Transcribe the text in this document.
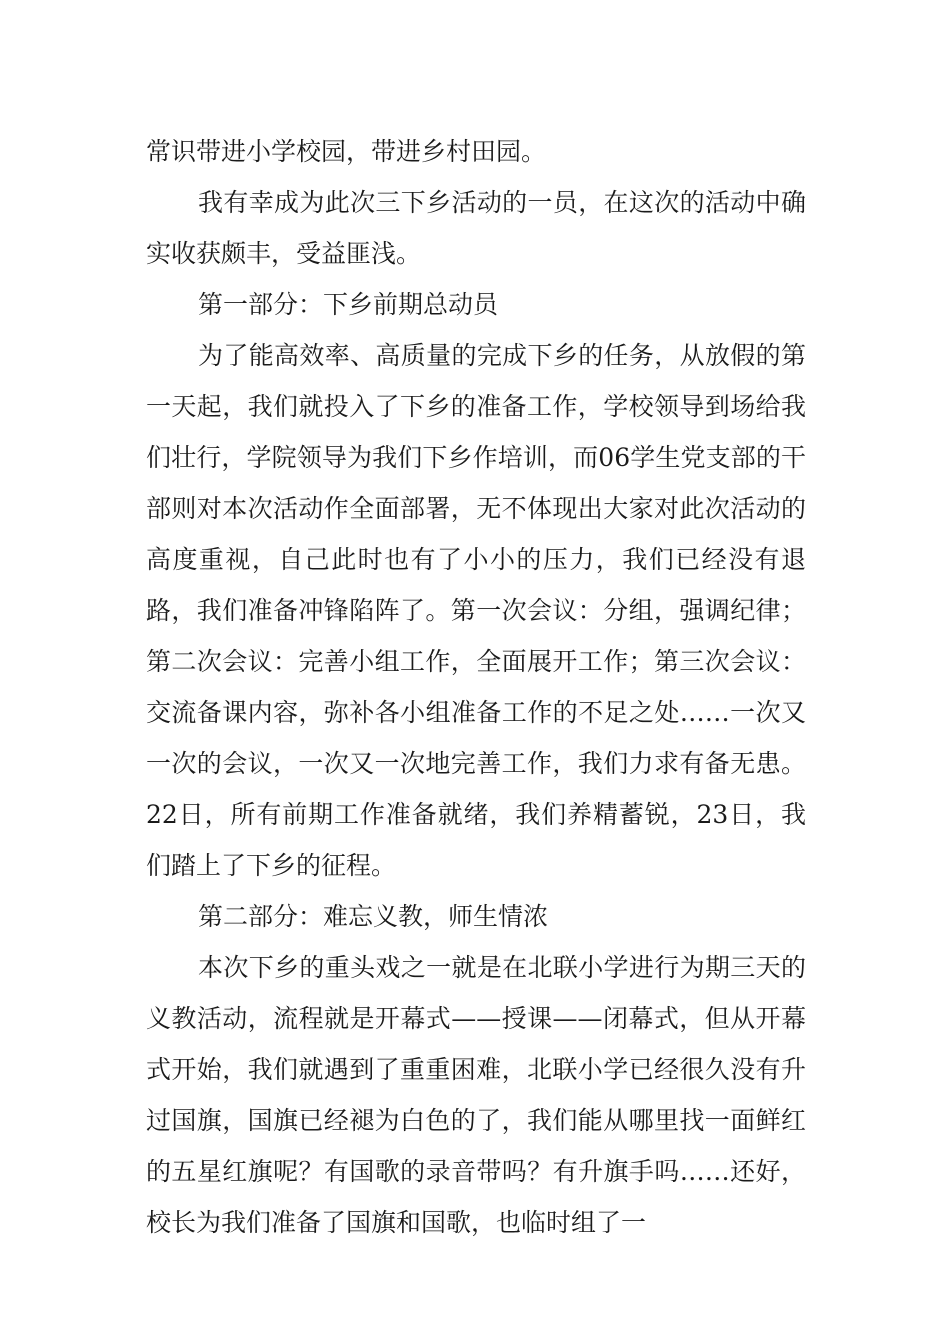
常识带进小学校园，带进乡村田园。

我有幸成为此次三下乡活动的一员，在这次的活动中确实收获颇丰，受益匪浅。

第一部分：下乡前期总动员

为了能高效率、高质量的完成下乡的任务，从放假的第一天起，我们就投入了下乡的准备工作，学校领导到场给我们壮行，学院领导为我们下乡作培训，而06学生党支部的干部则对本次活动作全面部署，无不体现出大家对此次活动的高度重视，自己此时也有了小小的压力，我们已经没有退路，我们准备冲锋陷阵了。第一次会议：分组，强调纪律；第二次会议：完善小组工作，全面展开工作；第三次会议：交流备课内容，弥补各小组准备工作的不足之处……一次又一次的会议，一次又一次地完善工作，我们力求有备无患。22日，所有前期工作准备就绪，我们养精蓄锐，23日，我们踏上了下乡的征程。

第二部分：难忘义教，师生情浓

本次下乡的重头戏之一就是在北联小学进行为期三天的义教活动，流程就是开幕式——授课——闭幕式，但从开幕式开始，我们就遇到了重重困难，北联小学已经很久没有升过国旗，国旗已经褪为白色的了，我们能从哪里找一面鲜红的五星红旗呢？有国歌的录音带吗？有升旗手吗……还好，校长为我们准备了国旗和国歌，也临时组了一
